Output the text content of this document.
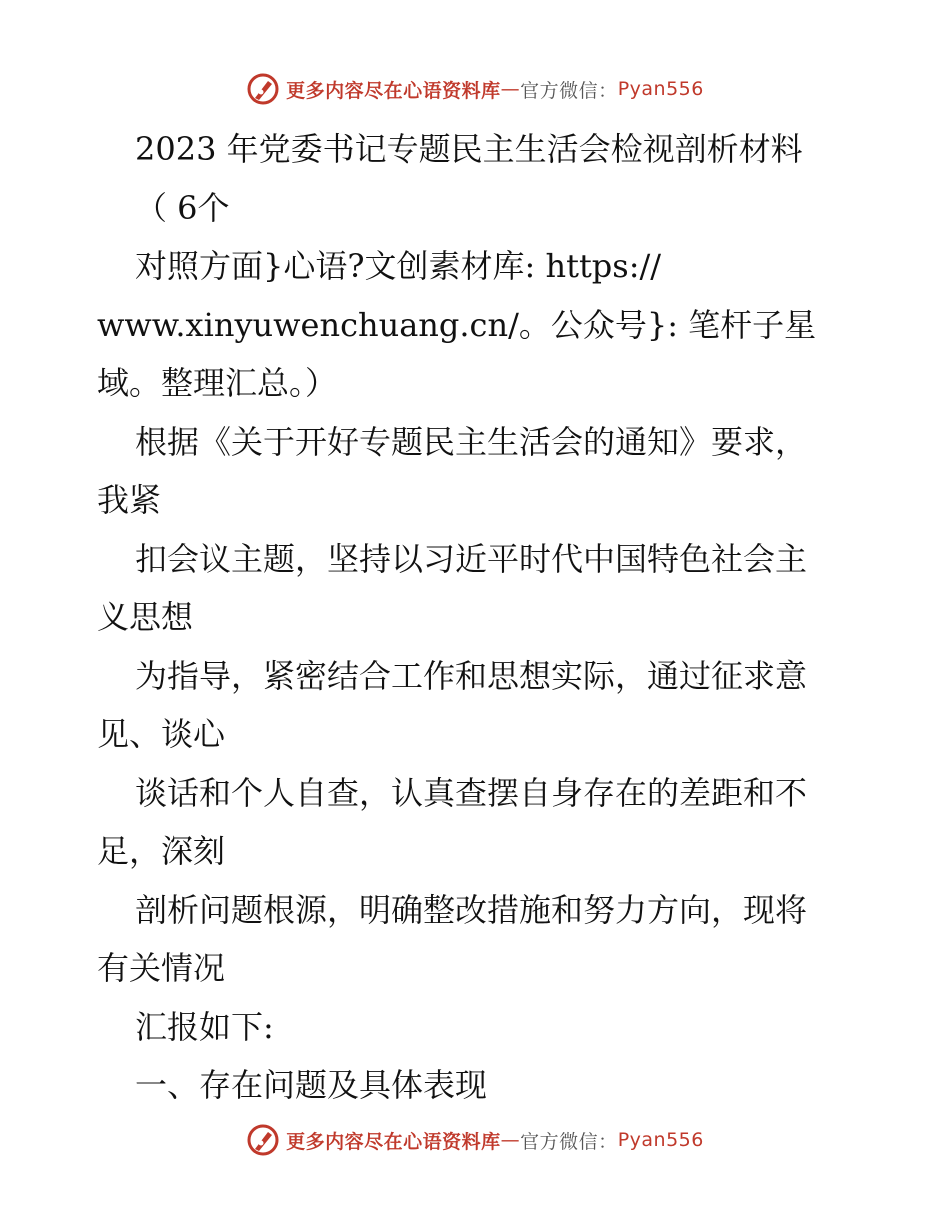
更多内容尽在心语资料库 — 官方微信： Pyan556
2023 年党委书记专题民主生活会检视剖析材料
（ 6个
对照方面}心语?文创素材库: https://
www.xinyuwenchuang.cn/。公众号}: 笔杆子星
域。整理汇总。）
根据《关于开好专题民主生活会的通知》要求，
我紧
扣会议主题，坚持以习近平时代中国特色社会主
义思想
为指导，紧密结合工作和思想实际，通过征求意
见、谈心
谈话和个人自查，认真查摆自身存在的差距和不
足，深刻
剖析问题根源，明确整改措施和努力方向，现将
有关情况
汇报如下:
一、存在问题及具体表现
更多内容尽在心语资料库 — 官方微信： Pyan556
